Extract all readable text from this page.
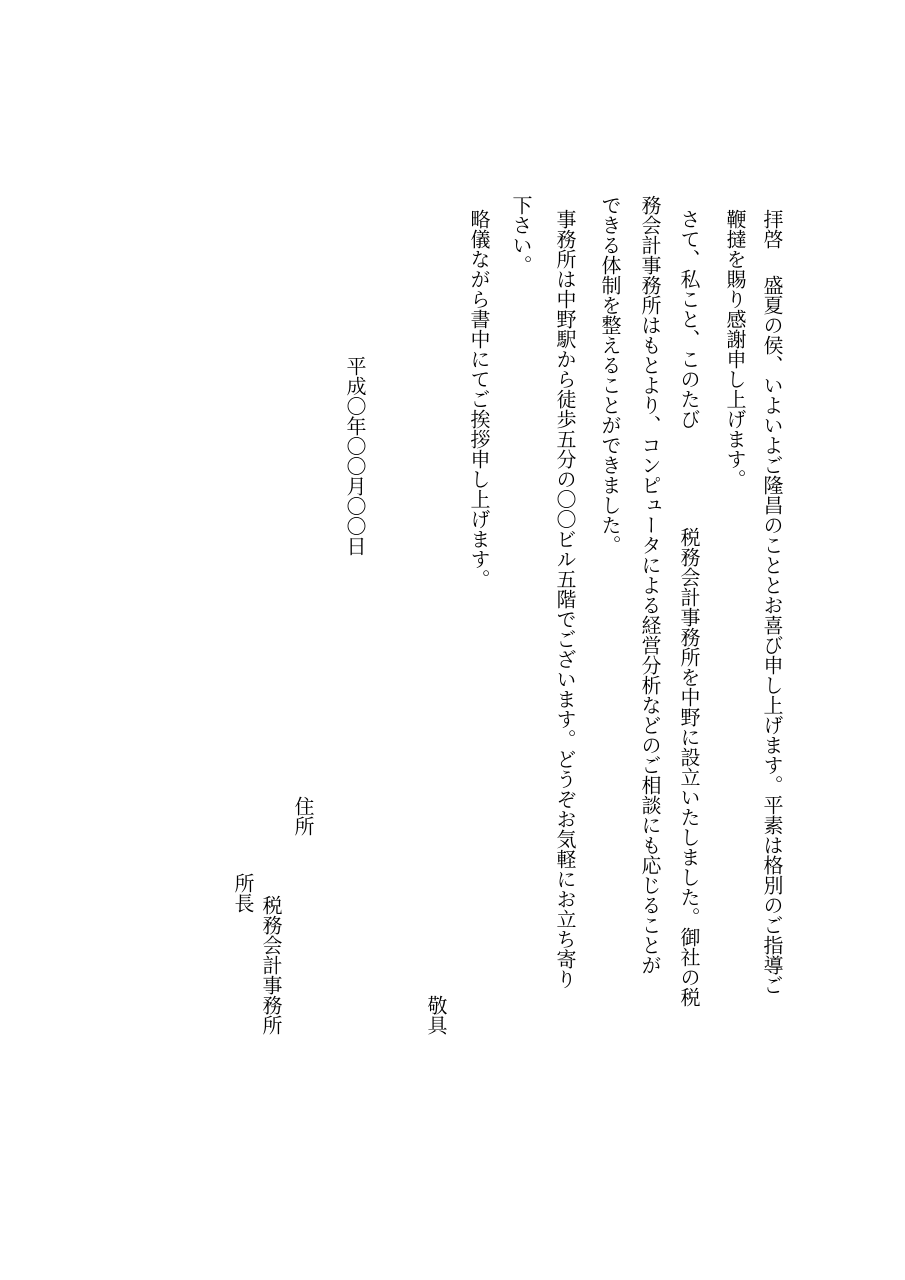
拝啓
盛夏の侯、いよいよご隆昌のこととお喜び申し上げます。平素は格別のご指導ご
鞭撻を賜り感謝申し上げます。
さて、私こと、このたび
税務会計事務所を中野に設立いたしました。御社の税
務会計事務所はもとより、コンピュータによる経営分析などのご相談にも応じることが
できる体制を整えることができました。
事務所は中野駅から徒歩五分の〇〇ビル五階でございます。どうぞお気軽にお立ち寄り
下さい。
略儀ながら書中にてご挨拶申し上げます。
敬具
平成〇年〇〇月〇〇日
住所
税務会計事務所
所長
